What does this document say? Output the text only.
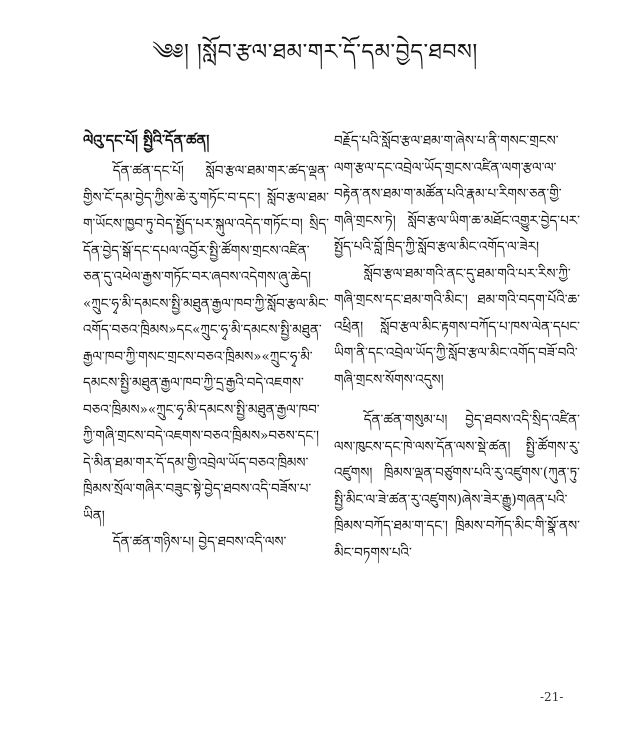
༄༅། །སློབ་རྩལ་ཐམ་གར་དོ་དམ་བྱེད་ཐབས།

ལེའུ་དང་པོ། སྤྱིའི་དོན་ཚན།

དོན་ཚན་དང་པོ། སློབ་རྩལ་ཐམ་གར་ཚད་ལྡན་གྱིས་ངོ་དམ་བྱེད་ཀྱིས་ཆེ་རུ་གཏོང་བ་དང་། སློབ་རྩལ་ཐམ་ག་ཡོངས་ཁྱབ་ཏུ་བེད་སྤྱོད་པར་སྐུལ་འདེད་གཏོང་བ། སྲིད་དོན་བྱེད་སྒོ་དང་དཔལ་འབྱོར་སྤྱི་ཚོགས་གྲངས་འཛིན་ཅན་དུ་འཕེལ་རྒྱས་གཏོང་བར་ཞབས་འདེགས་ཞུ་ཆེད། «ཀྲུང་ཧྭ་མི་དམངས་སྤྱི་མཐུན་རྒྱལ་ཁབ་ཀྱི་སློབ་རྩལ་མིང་འགོད་བཅའ་ཁྲིམས»དང«ཀྲུང་ཧྭ་མི་དམངས་སྤྱི་མཐུན་རྒྱལ་ཁབ་ཀྱི་གསང་གྲངས་བཅའ་ཁྲིམས»«ཀྲུང་ཧྭ་མི་དམངས་སྤྱི་མཐུན་རྒྱལ་ཁབ་ཀྱི་དྲ་རྒྱའི་བདེ་འཇགས་བཅའ་ཁྲིམས»«ཀྲུང་ཧྭ་མི་དམངས་སྤྱི་མཐུན་རྒྱལ་ཁབ་ཀྱི་གཞི་གྲངས་བདེ་འཇགས་བཅའ་ཁྲིམས»བཅས་དང་། དེ་མིན་ཐམ་གར་དོ་དམ་གྱི་འབྲེལ་ཡོད་བཅའ་ཁྲིམས་ཁྲིམས་སྲོལ་གཞིར་བཟུང་སྟེ་བྱེད་ཐབས་འདི་བཟོས་པ་ཡིན།

དོན་ཚན་གཉིས་པ། བྱེད་ཐབས་འདི་ལས་

བརྗོད་པའི་སློབ་རྩལ་ཐམ་ག་ཞེས་པ་ནི་གསང་གྲངས་ལག་རྩལ་དང་འབྲེལ་ཡོད་གྲངས་འཛིན་ལག་རྩལ་ལ་བརྟེན་ནས་ཐམ་ག་མཚོན་པའི་རྣམ་པ་རིགས་ཅན་གྱི་གཞི་གྲངས་ཏེ། སློབ་རྩལ་ཡིག་ཆ་མཐོང་འགྱུར་བྱེད་པར་སྤྱོད་པའི་བློ་ཁྲིད་ཀྱི་སློབ་རྩལ་མིང་འགོད་ལ་ཟེར།

སློབ་རྩལ་ཐམ་གའི་ནང་དུ་ཐམ་གའི་པར་རིས་ཀྱི་གཞི་གྲངས་དང་ཐམ་གའི་མིང་། ཐམ་གའི་བདག་པོའི་ཆ་འཕྲིན། སློབ་རྩལ་མིང་རྟགས་བཀོད་པ་ཁས་ལེན་དཔང་ཡིག་ནི་དང་འབྲེལ་ཡོད་ཀྱི་སློབ་རྩལ་མིང་འགོད་བཟོ་བའི་གཞི་གྲངས་སོགས་འདུས།

དོན་ཚན་གསུམ་པ། བྱེད་ཐབས་འདི་སྲིད་འཛིན་ལས་ཁུངས་དང་ཁེ་ལས་དོན་ལས་སྡེ་ཚན། སྤྱི་ཚོགས་རུ་འཛུགས། ཁྲིམས་ལྡན་བཙུགས་པའི་རུ་འཛུགས་(ཀུན་ཏུ་སྤྱི་མིང་ལ་ཟེ་ཚན་རུ་འཛུགས)ཞེས་ཟེར་རྒྱུ)གཞན་པའི་ཁྲིམས་བཀོད་ཐམ་ག་དང་། ཁྲིམས་བཀོད་མིང་གི་སྣོ་ནས་མིང་བཏགས་པའི་

-21-
